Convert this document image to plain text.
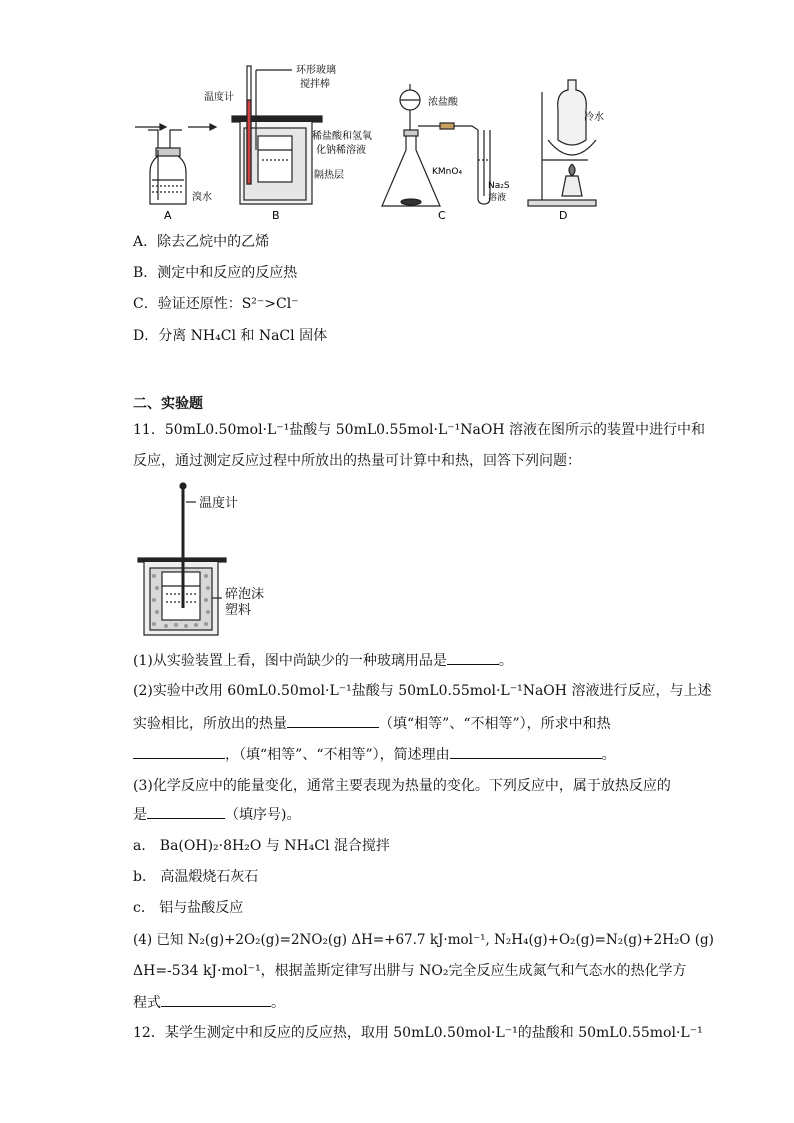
溴水
A
温度计
环形玻璃
搅拌棒
稀盐酸和氢氧
化钠稀溶液
隔热层
B
浓盐酸
KMnO₄
Na₂S
溶液
C
冷水
D
A．除去乙烷中的乙烯
B．测定中和反应的反应热
C．验证还原性：S²⁻>Cl⁻
D．分离 NH₄Cl 和 NaCl 固体
二、实验题
11．50mL0.50mol·L⁻¹盐酸与 50mL0.55mol·L⁻¹NaOH 溶液在图所示的装置中进行中和
反应，通过测定反应过程中所放出的热量可计算中和热，回答下列问题：
温度计
碎泡沫
塑料
(1)从实验装置上看，图中尚缺少的一种玻璃用品是	。
(2)实验中改用 60mL0.50mol·L⁻¹盐酸与 50mL0.55mol·L⁻¹NaOH 溶液进行反应，与上述
实验相比，所放出的热量	（填“相等”、“不相等”），所求中和热
，（填“相等”、“不相等”），简述理由	。
(3)化学反应中的能量变化，通常主要表现为热量的变化。下列反应中，属于放热反应的
是	（填序号)。
a． Ba(OH)₂·8H₂O 与 NH₄Cl 混合搅拌
b． 高温煅烧石灰石
c． 铝与盐酸反应
(4) 已知 N₂(g)+2O₂(g)=2NO₂(g) ΔH=+67.7 kJ·mol⁻¹, N₂H₄(g)+O₂(g)=N₂(g)+2H₂O (g)
ΔH=-534 kJ·mol⁻¹，根据盖斯定律写出肼与 NO₂完全反应生成氮气和气态水的热化学方
程式	。
12．某学生测定中和反应的反应热，取用 50mL0.50mol·L⁻¹的盐酸和 50mL0.55mol·L⁻¹
